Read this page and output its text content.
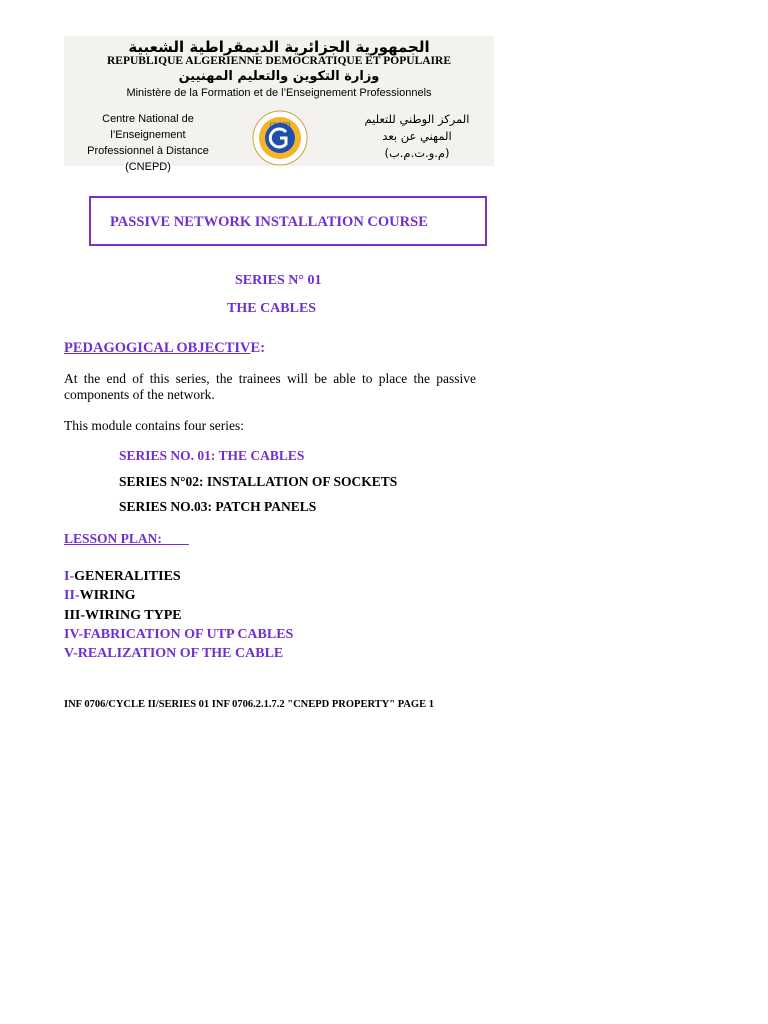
الجمهورية الجزائرية الديمقراطية الشعبية
REPUBLIQUE ALGERIENNE DEMOCRATIQUE ET POPULAIRE
وزارة التكوين والتعليم المهنيين
Ministère de la Formation et de l’Enseignement Professionnels
Centre National de l’Enseignement
Professionnel à Distance
(CNEPD)
CNEPD	المركز الوطني للتعليم
المهني عن بعد
(م.و.ت.م.ب)
PASSIVE NETWORK INSTALLATION COURSE
SERIES N° 01
THE CABLES
PEDAGOGICAL OBJECTIVE:
At the end of this series, the trainees will be able to place the passive components of the network.
This module contains four series:
SERIES NO. 01: THE CABLES
SERIES N°02: INSTALLATION OF SOCKETS
SERIES NO.03: PATCH PANELS
LESSON PLAN:
I-GENERALITIES
II-WIRING
III-WIRING TYPE
IV-FABRICATION OF UTP CABLES
V-REALIZATION OF THE CABLE
INF 0706/CYCLE II/SERIES 01 INF 0706.2.1.7.2 "CNEPD PROPERTY" PAGE 1
